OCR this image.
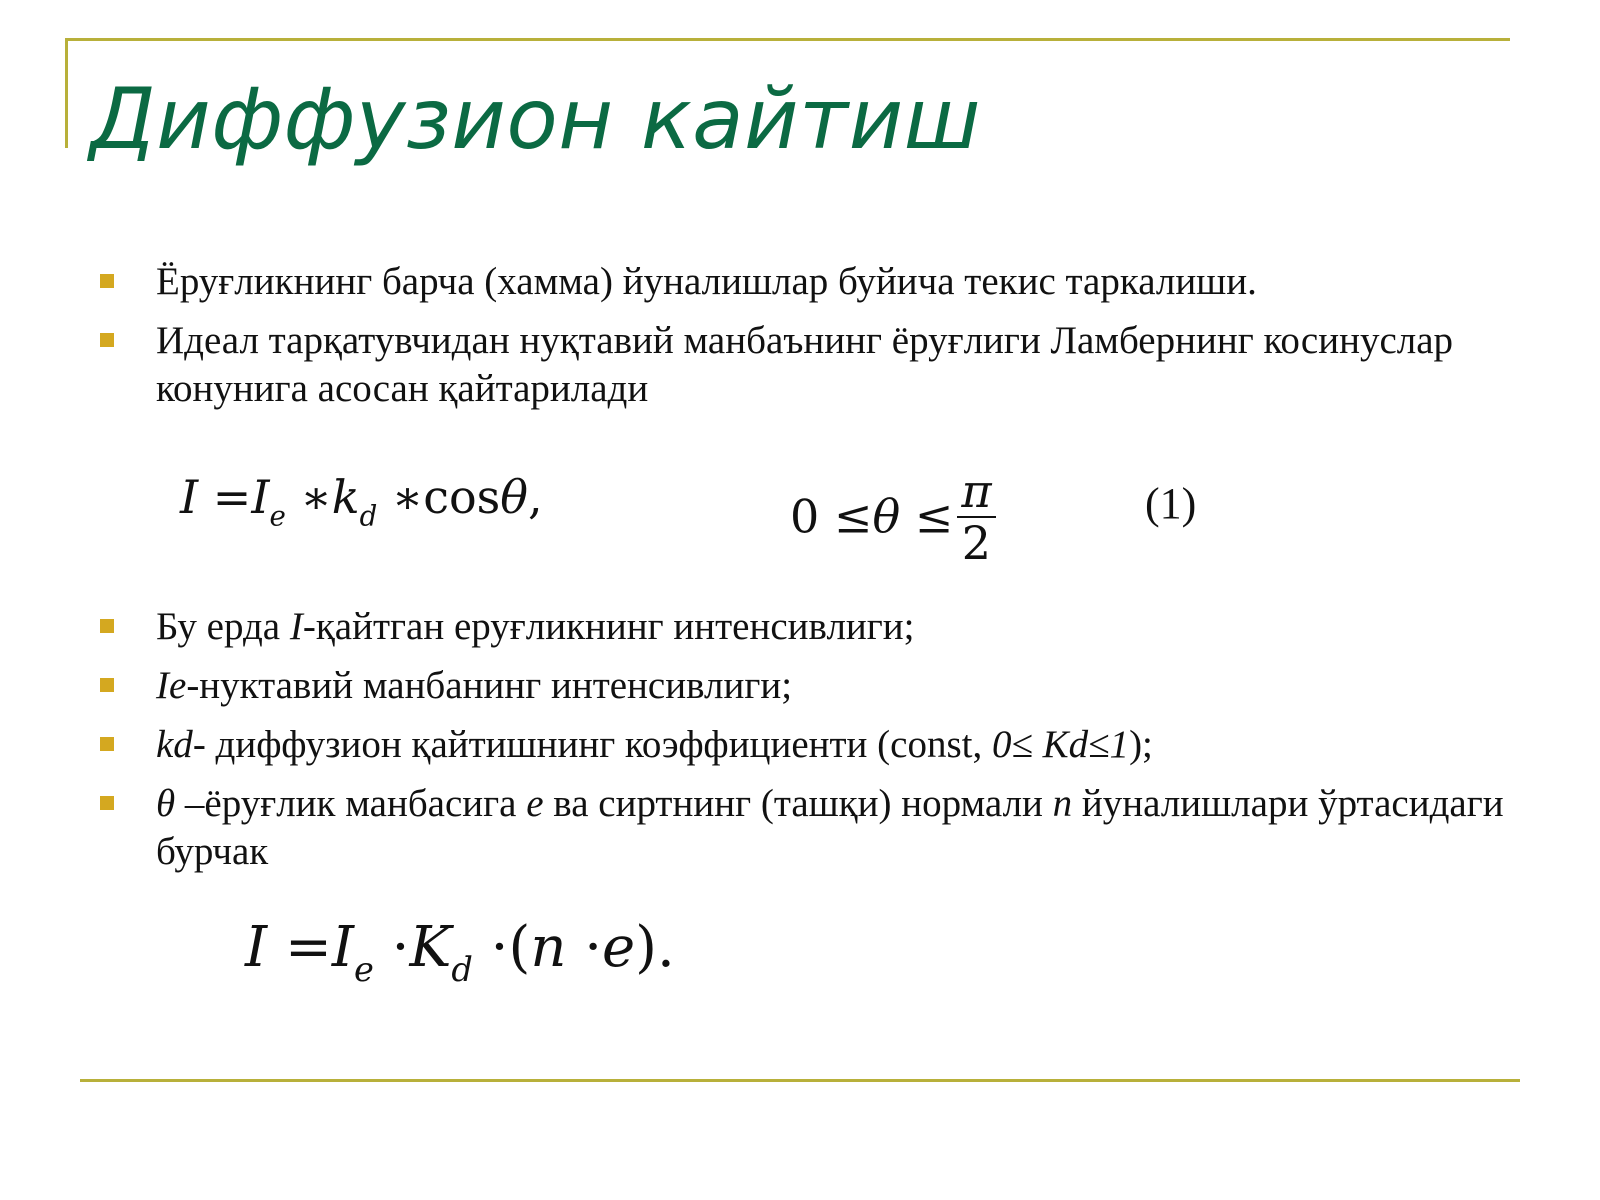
Диффузион кайтиш

Ёруғликнинг барча (хамма) йуналишлар буйича текис таркалиши.

Идеал тарқатувчидан нуқтавий манбаънинг ёруғлиги Ламбернинг косинуслар конунига асосан қайтарилади

$I =I_e$ $∗k_d$ ∗cosθ,	$0 \le\theta \le \frac{\pi}{2}$	(1)

Бу ерда I-қайтган еруғликнинг интенсивлиги;

Ie-нуктавий манбанинг интенсивлиги;

kd- диффузион қайтишнинг коэффициенти (const, 0≤ Kd≤1);

θ –ёруғлик манбасига e ва сиртнинг (ташқи) нормали n йуналишлари ўртасидаги бурчак

$I =I_e \cdot K_d \cdot(n \cdot e)$.
